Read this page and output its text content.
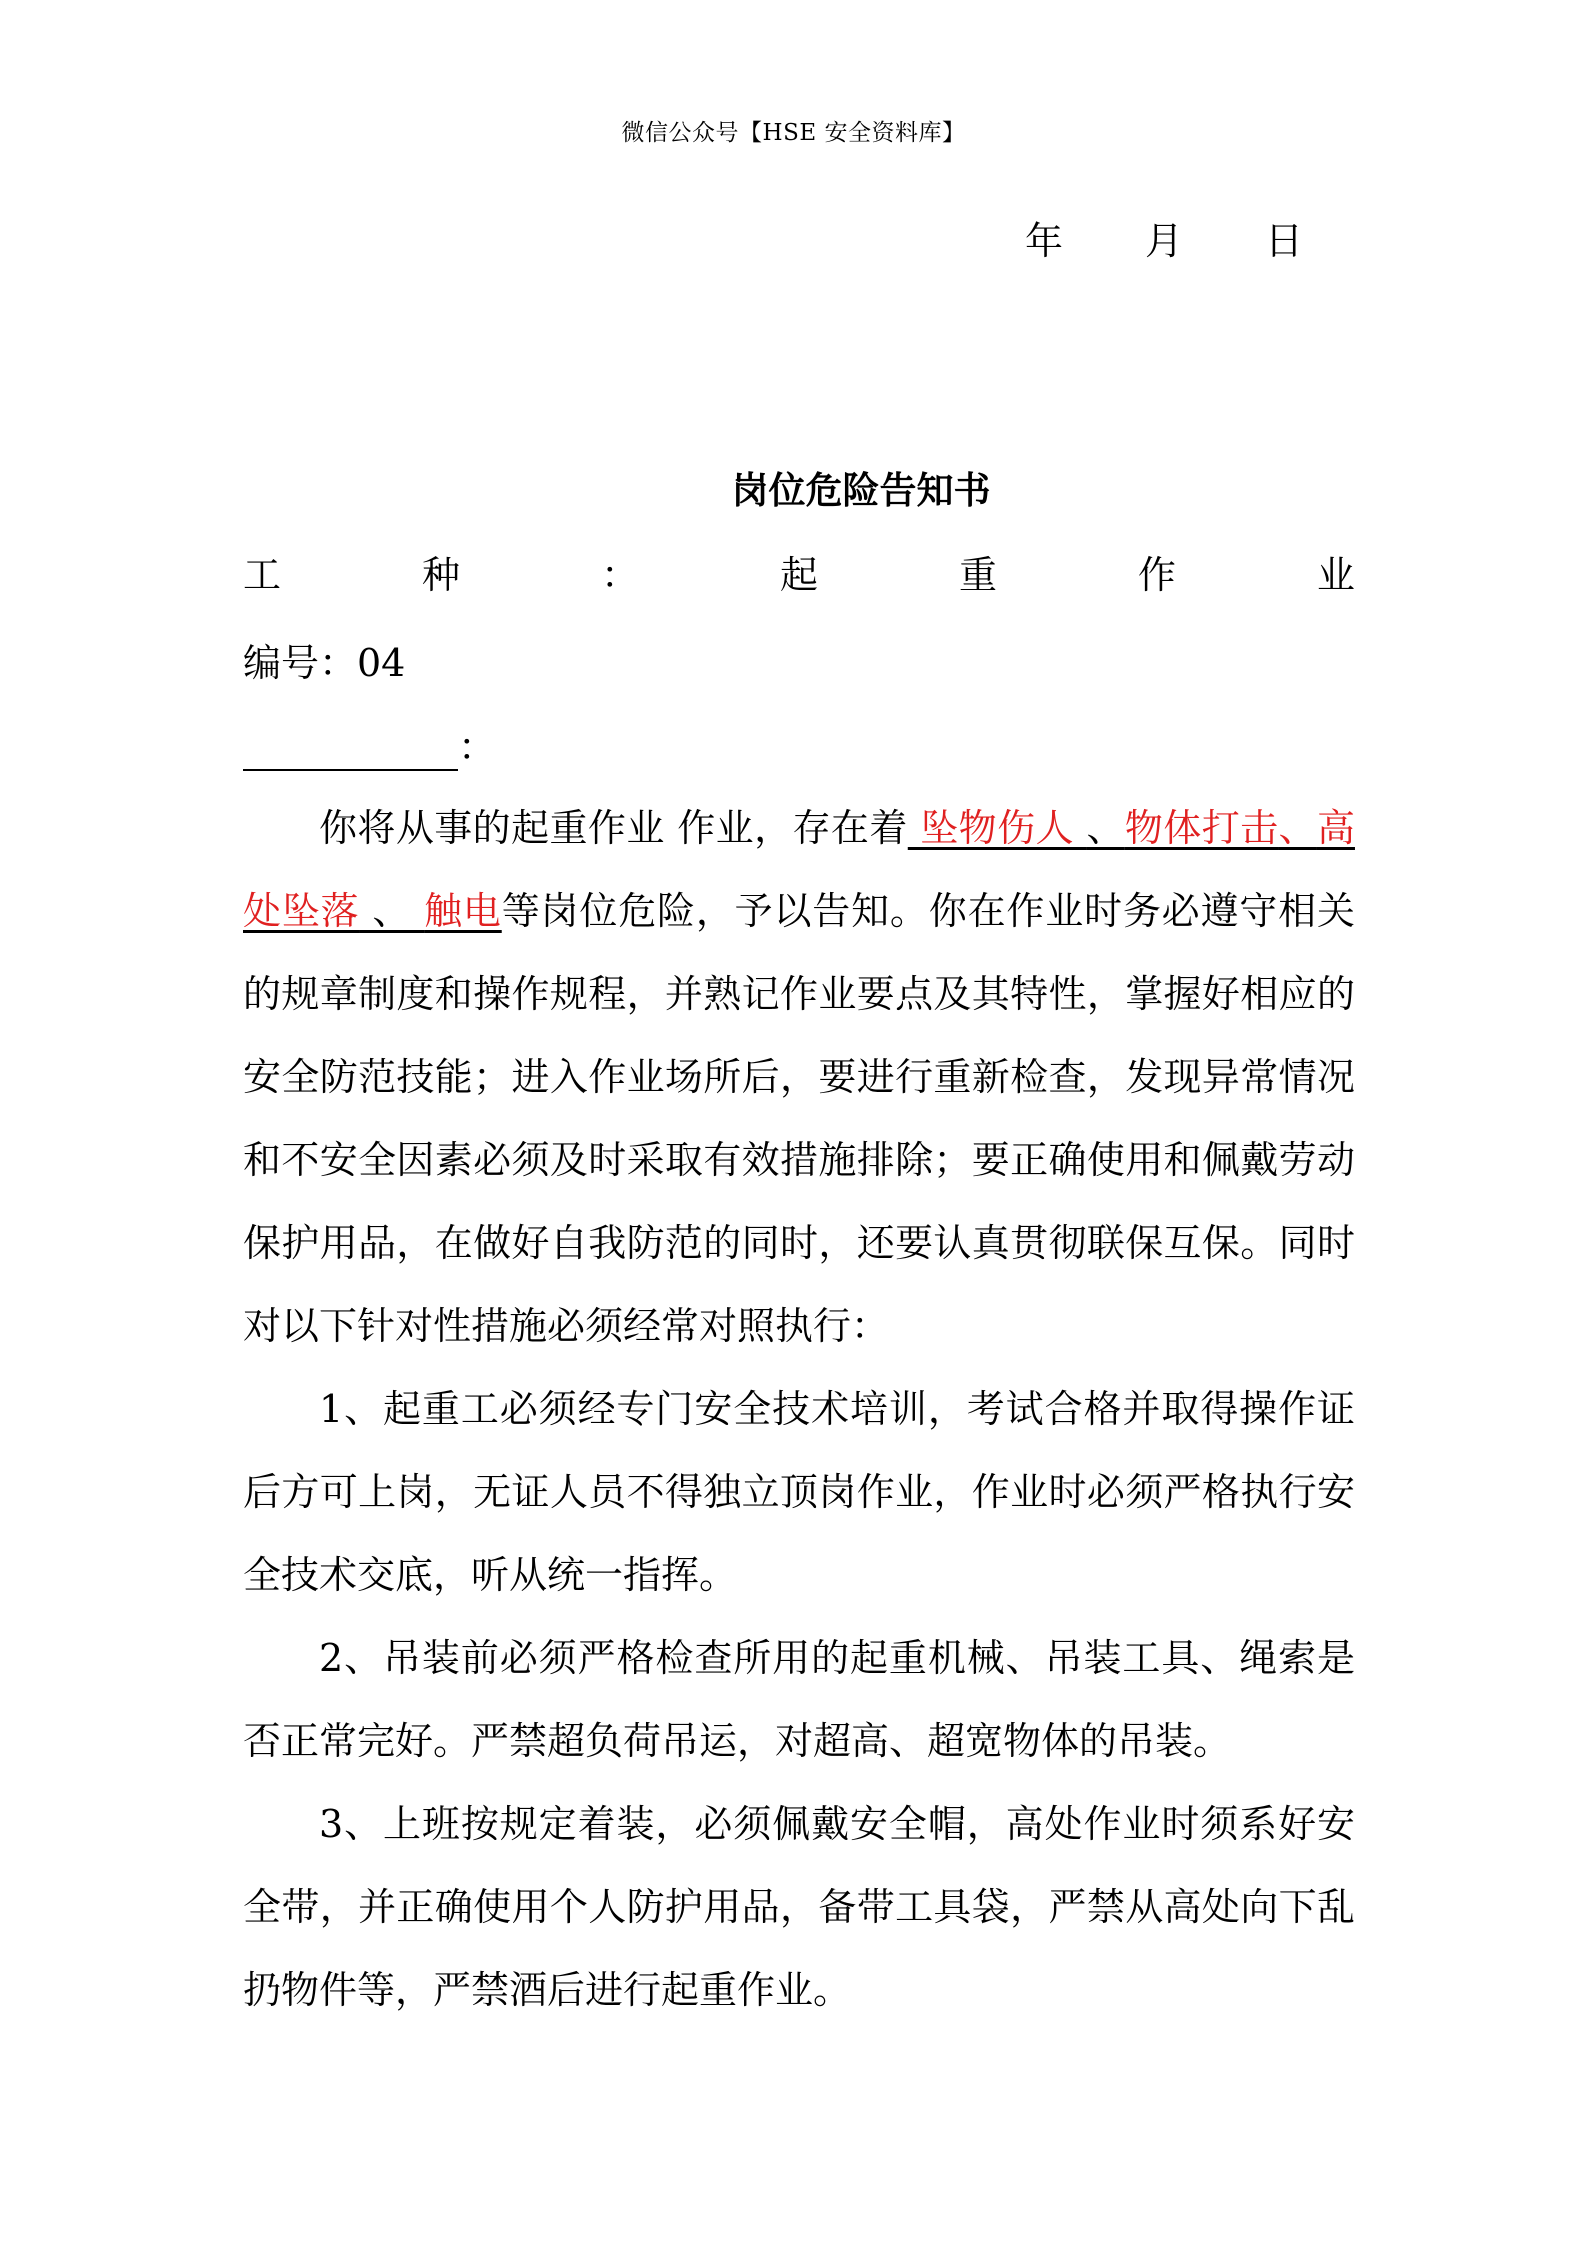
微信公众号【HSE 安全资料库】
年 月 日
岗位危险告知书
工	种	：	起	重	作	业
编号：04
：

你将从事的起重作业 作业，存在着 坠物伤人 、物体打击、高处坠落 、 触电等岗位危险，予以告知。你在作业时务必遵守相关的规章制度和操作规程，并熟记作业要点及其特性，掌握好相应的安全防范技能；进入作业场所后，要进行重新检查，发现异常情况和不安全因素必须及时采取有效措施排除；要正确使用和佩戴劳动保护用品，在做好自我防范的同时，还要认真贯彻联保互保。同时对以下针对性措施必须经常对照执行：

1、起重工必须经专门安全技术培训，考试合格并取得操作证后方可上岗，无证人员不得独立顶岗作业，作业时必须严格执行安全技术交底，听从统一指挥。

2、吊装前必须严格检查所用的起重机械、吊装工具、绳索是否正常完好。严禁超负荷吊运，对超高、超宽物体的吊装。

3、上班按规定着装，必须佩戴安全帽，高处作业时须系好安全带，并正确使用个人防护用品，备带工具袋，严禁从高处向下乱扔物件等，严禁酒后进行起重作业。
